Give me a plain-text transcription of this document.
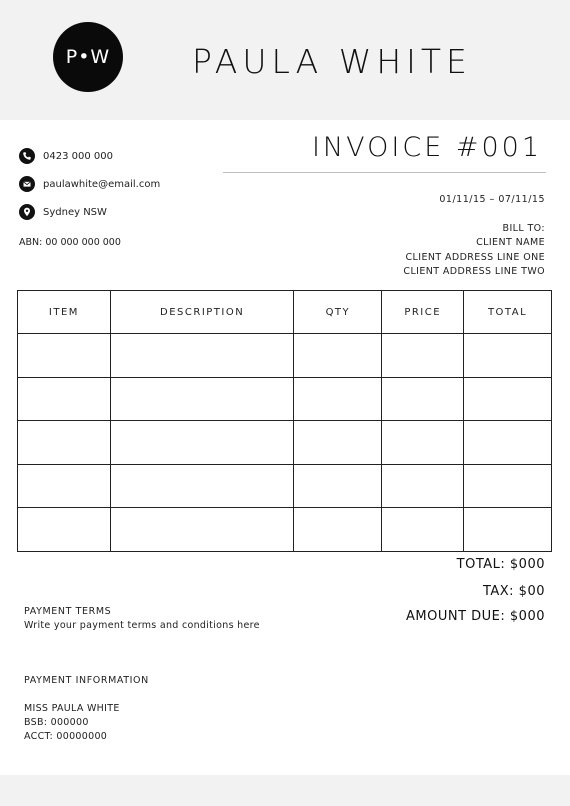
P•W PAULA WHITE
0423 000 000
paulawhite@email.com
Sydney NSW
ABN: 00 000 000 000
INVOICE #001
01/11/15 – 07/11/15
BILL TO:
CLIENT NAME
CLIENT ADDRESS LINE ONE
CLIENT ADDRESS LINE TWO
ITEM	DESCRIPTION	QTY	PRICE	TOTAL

TOTAL: $000
TAX: $00
AMOUNT DUE: $000
PAYMENT TERMS
Write your payment terms and conditions here
PAYMENT INFORMATION
MISS PAULA WHITE
BSB: 000000
ACCT: 00000000
